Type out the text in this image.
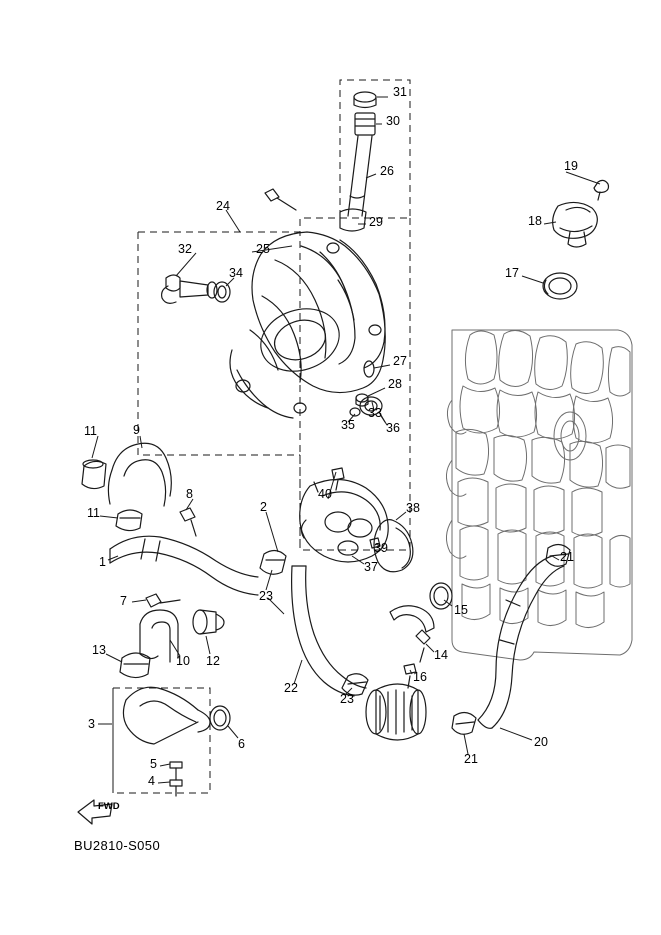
31
30
26	19
18
29
24
25
17
32
34
27
28
35
33
36
11	9
11
8
2
40
38
39
37
1
23
7
21
15
14
13
10 12
22
16
3
6
23
21
20
5
4
FWD
BU2810-S050
